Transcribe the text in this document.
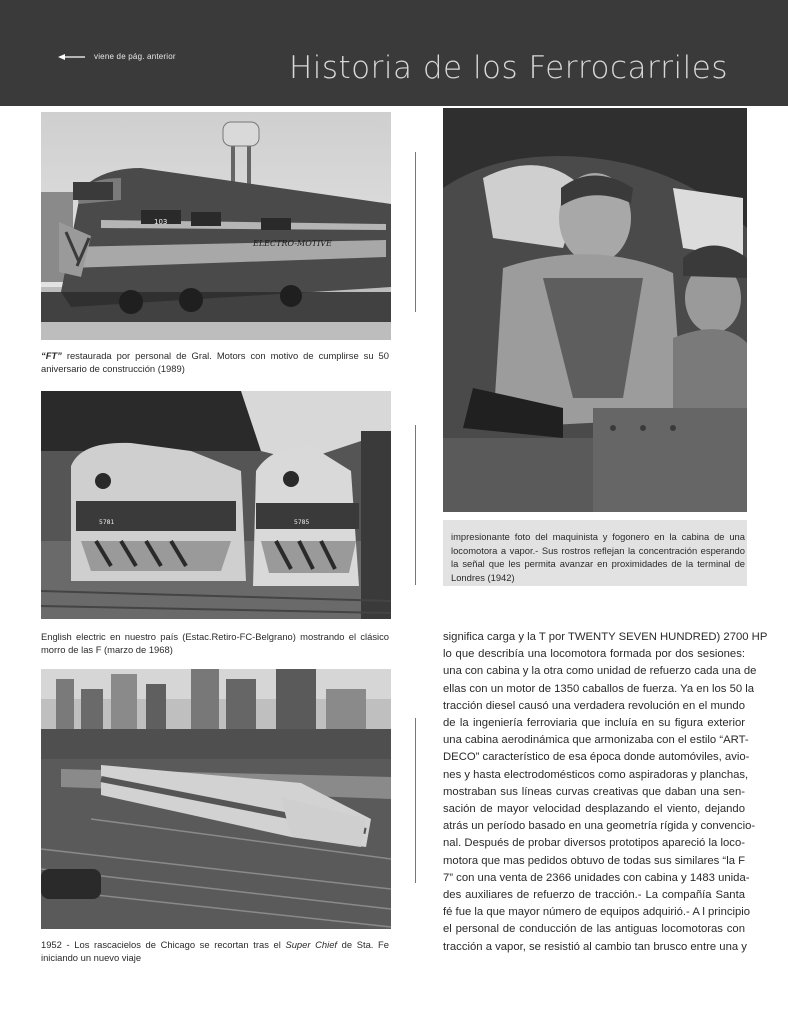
viene de pág. anterior	Historia de los Ferrocarriles
103
ELECTRO-MOTIVE
“FT” restaurada por personal de Gral. Motors con motivo de cumplirse su 50 aniversario de construcción (1989)
5781	5785
English electric en nuestro país (Estac.Retiro-FC-Belgrano) mostrando el clásico morro de las F (marzo de 1968)
1952 - Los rascacielos de Chicago se recortan tras el Super Chief de Sta. Fe iniciando un nuevo viaje

impresionante foto del maquinista y fogonero en la cabina de una locomotora a vapor.- Sus rostros reflejan la concentración esperando la señal que les permita avanzar en proximidades de la terminal de Londres (1942)

significa carga y la T por TWENTY SEVEN HUNDRED) 2700 HP
lo que describía una locomotora formada por dos sesiones:
una con cabina y la otra como unidad de refuerzo cada una de
ellas con un motor de 1350 caballos de fuerza. Ya en los 50 la
tracción diesel causó una verdadera revolución en el mundo
de la ingeniería ferroviaria que incluía en su figura exterior
una cabina aerodinámica que armonizaba con el estilo “ART-
DECO” característico de esa época donde automóviles, avio-
nes y hasta electrodomésticos como aspiradoras y planchas,
mostraban sus líneas curvas creativas que daban una sen-
sación de mayor velocidad desplazando el viento, dejando
atrás un período basado en una geometría rígida y convencio-
nal. Después de probar diversos prototipos apareció la loco-
motora que mas pedidos obtuvo de todas sus similares “la F
7” con una venta de 2366 unidades con cabina y 1483 unida-
des auxiliares de refuerzo de tracción.- La compañía Santa
fé fue la que mayor número de equipos adquirió.- A l principio
el personal de conducción de las antiguas locomotoras con
tracción a vapor, se resistió al cambio tan brusco entre una y
